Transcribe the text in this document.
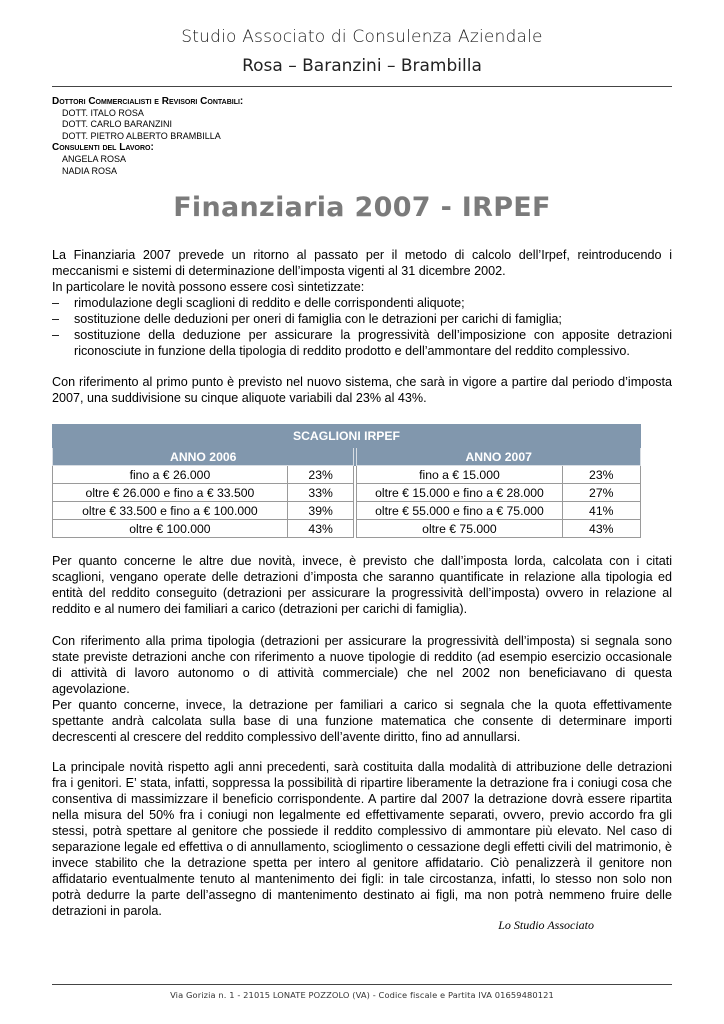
Studio Associato di Consulenza Aziendale
Rosa – Baranzini – Brambilla
Dottori Commercialisti e Revisori Contabili:
DOTT. ITALO ROSA
DOTT. CARLO BARANZINI
DOTT. PIETRO ALBERTO BRAMBILLA
Consulenti del Lavoro:
ANGELA ROSA
NADIA ROSA
Finanziaria 2007 - IRPEF

La Finanziaria 2007 prevede un ritorno al passato per il metodo di calcolo dell’Irpef, reintroducendo i meccanismi e sistemi di determinazione dell’imposta vigenti al 31 dicembre 2002.

In particolare le novità possono essere così sintetizzate:

– rimodulazione degli scaglioni di reddito e delle corrispondenti aliquote;
– sostituzione delle deduzioni per oneri di famiglia con le detrazioni per carichi di famiglia;
– sostituzione della deduzione per assicurare la progressività dell’imposizione con apposite detrazioni riconosciute in funzione della tipologia di reddito prodotto e dell’ammontare del reddito complessivo.
Con riferimento al primo punto è previsto nel nuovo sistema, che sarà in vigore a partire dal periodo d’imposta 2007, una suddivisione su cinque aliquote variabili dal 23% al 43%.
SCAGLIONI IRPEF				
ANNO 2006			ANNO 2007	
fino a € 26.000	23%		fino a € 15.000	23%
oltre € 26.000 e fino a € 33.500	33%		oltre € 15.000 e fino a € 28.000	27%
oltre € 33.500 e fino a € 100.000	39%		oltre € 55.000 e fino a € 75.000	41%
oltre € 100.000	43%		oltre € 75.000	43%
Per quanto concerne le altre due novità, invece, è previsto che dall’imposta lorda, calcolata con i citati scaglioni, vengano operate delle detrazioni d’imposta che saranno quantificate in relazione alla tipologia ed entità del reddito conseguito (detrazioni per assicurare la progressività dell’imposta) ovvero in relazione al reddito e al numero dei familiari a carico (detrazioni per carichi di famiglia).
Con riferimento alla prima tipologia (detrazioni per assicurare la progressività dell’imposta) si segnala sono state previste detrazioni anche con riferimento a nuove tipologie di reddito (ad esempio esercizio occasionale di attività di lavoro autonomo o di attività commerciale) che nel 2002 non beneficiavano di questa agevolazione.
Per quanto concerne, invece, la detrazione per familiari a carico si segnala che la quota effettivamente spettante andrà calcolata sulla base di una funzione matematica che consente di determinare importi decrescenti al crescere del reddito complessivo dell’avente diritto, fino ad annullarsi.
La principale novità rispetto agli anni precedenti, sarà costituita dalla modalità di attribuzione delle detrazioni fra i genitori. E’ stata, infatti, soppressa la possibilità di ripartire liberamente la detrazione fra i coniugi cosa che consentiva di massimizzare il beneficio corrispondente. A partire dal 2007 la detrazione dovrà essere ripartita nella misura del 50% fra i coniugi non legalmente ed effettivamente separati, ovvero, previo accordo fra gli stessi, potrà spettare al genitore che possiede il reddito complessivo di ammontare più elevato. Nel caso di separazione legale ed effettiva o di annullamento, scioglimento o cessazione degli effetti civili del matrimonio, è invece stabilito che la detrazione spetta per intero al genitore affidatario. Ciò penalizzerà il genitore non affidatario eventualmente tenuto al mantenimento dei figli: in tale circostanza, infatti, lo stesso non solo non potrà dedurre la parte dell’assegno di mantenimento destinato ai figli, ma non potrà nemmeno fruire delle detrazioni in parola.
Lo Studio Associato
Via Gorizia n. 1 - 21015 LONATE POZZOLO (VA) - Codice fiscale e Partita IVA 01659480121
